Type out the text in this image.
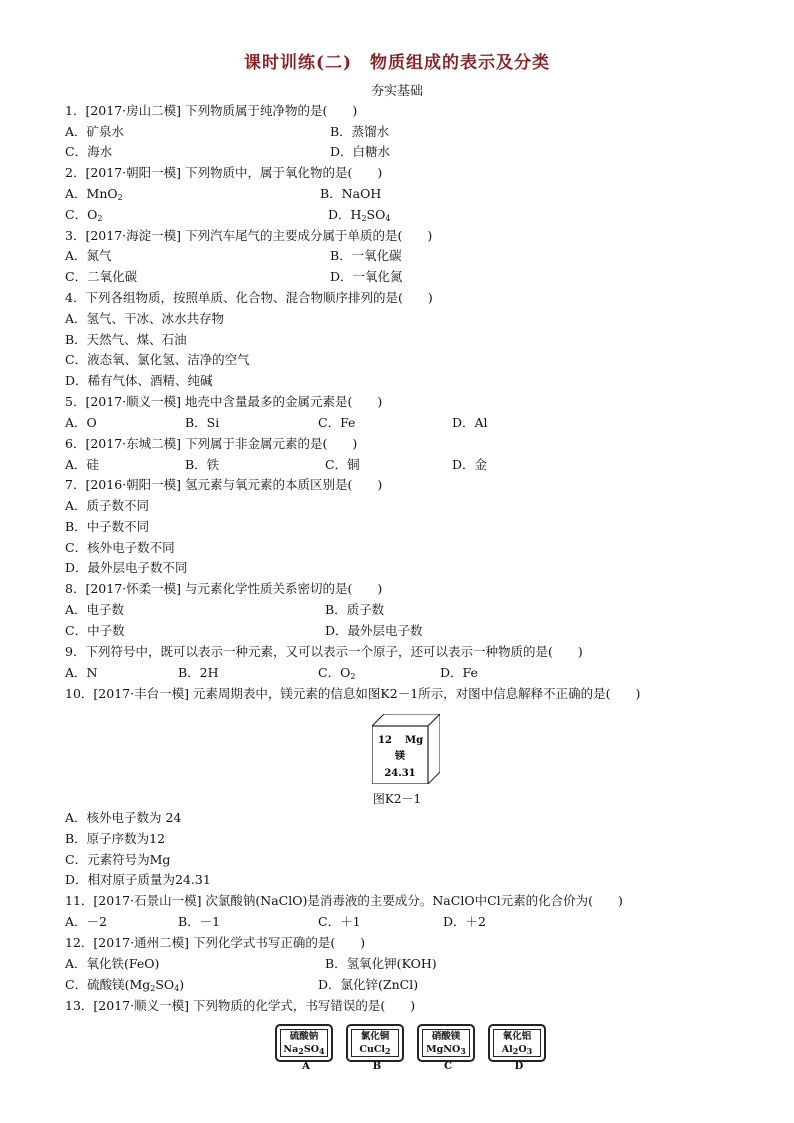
课时训练(二)　物质组成的表示及分类
夯实基础
1．[2017·房山二模] 下列物质属于纯净物的是(　　)
A．矿泉水	B．蒸馏水
C．海水	D．白糖水
2．[2017·朝阳一模] 下列物质中，属于氧化物的是(　　)
A．MnO$_2$	B．NaOH
C．$O_2$	D．$H_2SO_4$
3．[2017·海淀一模] 下列汽车尾气的主要成分属于单质的是(　　)
A．氮气	B．一氧化碳
C．二氧化碳	D．一氧化氮
4．下列各组物质，按照单质、化合物、混合物顺序排列的是(　　)
A．氢气、干冰、冰水共存物
B．天然气、煤、石油
C．液态氧、氯化氢、洁净的空气
D．稀有气体、酒精、纯碱
5．[2017·顺义一模] 地壳中含量最多的金属元素是(　　)
A．O	B．Si	C．Fe	D．Al
6．[2017·东城二模] 下列属于非金属元素的是(　　)
A．硅	B．铁	C．铜	D．金
7．[2016·朝阳一模] 氢元素与氧元素的本质区别是(　　)
A．质子数不同
B．中子数不同
C．核外电子数不同
D．最外层电子数不同
8．[2017·怀柔一模] 与元素化学性质关系密切的是(　　)
A．电子数	B．质子数
C．中子数	D．最外层电子数
9．下列符号中，既可以表示一种元素，又可以表示一个原子，还可以表示一种物质的是(　　)
A．N	B．2H	C．$O_2$	D．Fe
10．[2017·丰台一模] 元素周期表中，镁元素的信息如图K2－1所示，对图中信息解释不正确的是(　　)
12 Mg
镁
24.31
图K2－1
A．核外电子数为 24
B．原子序数为12
C．元素符号为Mg
D．相对原子质量为24.31
11．[2017·石景山一模] 次氯酸钠(NaClO)是消毒液的主要成分。NaClO中Cl元素的化合价为(　　)
A．－2	B．－1	C．＋1	D．＋2
12．[2017·通州二模] 下列化学式书写正确的是(　　)
A．氧化铁(FeO)	B．氢氧化钾(KOH)
C．硫酸镁$(Mg_2SO_4)$	D．氯化锌(ZnCl)
13．[2017·顺义一模] 下列物质的化学式，书写错误的是(　　)
硫酸钠
$Na_2SO_4$
A
氯化铜
CuCl$_2$
B
硝酸镁
MgNO$_3$
C
氧化铝
$Al_2O_3$
D
